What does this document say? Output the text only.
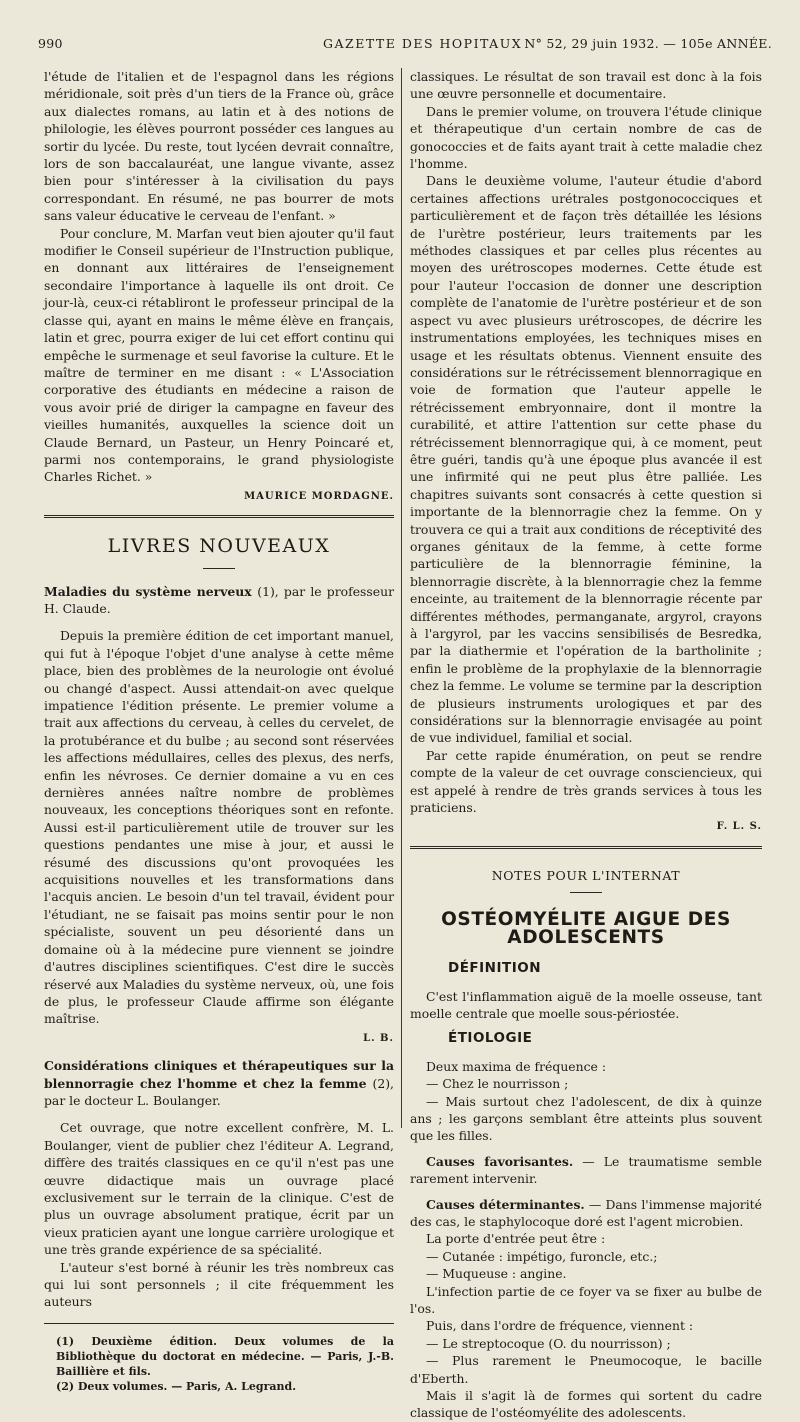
990	GAZETTE DES HOPITAUX N° 52, 29 juin 1932. — 105e ANNÉE.

l'étude de l'italien et de l'espagnol dans les régions méridionale, soit près d'un tiers de la France où, grâce aux dialectes romans, au latin et à des notions de philologie, les élèves pourront posséder ces langues au sortir du lycée. Du reste, tout lycéen devrait connaître, lors de son baccalauréat, une langue vivante, assez bien pour s'intéresser à la civilisation du pays correspondant. En résumé, ne pas bourrer de mots sans valeur éducative le cerveau de l'enfant. »

Pour conclure, M. Marfan veut bien ajouter qu'il faut modifier le Conseil supérieur de l'Instruction publique, en donnant aux littéraires de l'enseignement secondaire l'importance à laquelle ils ont droit. Ce jour-là, ceux-ci rétabliront le professeur principal de la classe qui, ayant en mains le même élève en français, latin et grec, pourra exiger de lui cet effort continu qui empêche le surmenage et seul favorise la culture. Et le maître de terminer en me disant : « L'Association corporative des étudiants en médecine a raison de vous avoir prié de diriger la campagne en faveur des vieilles humanités, auxquelles la science doit un Claude Bernard, un Pasteur, un Henry Poincaré et, parmi nos contemporains, le grand physiologiste Charles Richet. »

MAURICE MORDAGNE.
LIVRES NOUVEAUX

Maladies du système nerveux (1), par le professeur H. Claude.

Depuis la première édition de cet important manuel, qui fut à l'époque l'objet d'une analyse à cette même place, bien des problèmes de la neurologie ont évolué ou changé d'aspect. Aussi attendait-on avec quelque impatience l'édition présente. Le premier volume a trait aux affections du cerveau, à celles du cervelet, de la protubérance et du bulbe ; au second sont réservées les affections médullaires, celles des plexus, des nerfs, enfin les névroses. Ce dernier domaine a vu en ces dernières années naître nombre de problèmes nouveaux, les conceptions théoriques sont en refonte. Aussi est-il particulièrement utile de trouver sur les questions pendantes une mise à jour, et aussi le résumé des discussions qu'ont provoquées les acquisitions nouvelles et les transformations dans l'acquis ancien. Le besoin d'un tel travail, évident pour l'étudiant, ne se faisait pas moins sentir pour le non spécialiste, souvent un peu désorienté dans un domaine où à la médecine pure viennent se joindre d'autres disciplines scientifiques. C'est dire le succès réservé aux Maladies du système nerveux, où, une fois de plus, le professeur Claude affirme son élégante maîtrise.

L. B.

Considérations cliniques et thérapeutiques sur la blennorragie chez l'homme et chez la femme (2), par le docteur L. Boulanger.

Cet ouvrage, que notre excellent confrère, M. L. Boulanger, vient de publier chez l'éditeur A. Legrand, diffère des traités classiques en ce qu'il n'est pas une œuvre didactique mais un ouvrage placé exclusivement sur le terrain de la clinique. C'est de plus un ouvrage absolument pratique, écrit par un vieux praticien ayant une longue carrière urologique et une très grande expérience de sa spécialité.

L'auteur s'est borné à réunir les très nombreux cas qui lui sont personnels ; il cite fréquemment les auteurs

(1) Deuxième édition. Deux volumes de la Bibliothèque du doctorat en médecine. — Paris, J.-B. Baillière et fils.

(2) Deux volumes. — Paris, A. Legrand.

classiques. Le résultat de son travail est donc à la fois une œuvre personnelle et documentaire.

Dans le premier volume, on trouvera l'étude clinique et thérapeutique d'un certain nombre de cas de gonococcies et de faits ayant trait à cette maladie chez l'homme.

Dans le deuxième volume, l'auteur étudie d'abord certaines affections urétrales postgonococciques et particulièrement et de façon très détaillée les lésions de l'urètre postérieur, leurs traitements par les méthodes classiques et par celles plus récentes au moyen des urétroscopes modernes. Cette étude est pour l'auteur l'occasion de donner une description complète de l'anatomie de l'urètre postérieur et de son aspect vu avec plusieurs urétroscopes, de décrire les instrumentations employées, les techniques mises en usage et les résultats obtenus. Viennent ensuite des considérations sur le rétrécissement blennorragique en voie de formation que l'auteur appelle le rétrécissement embryonnaire, dont il montre la curabilité, et attire l'attention sur cette phase du rétrécissement blennorragique qui, à ce moment, peut être guéri, tandis qu'à une époque plus avancée il est une infirmité qui ne peut plus être palliée. Les chapitres suivants sont consacrés à cette question si importante de la blennorragie chez la femme. On y trouvera ce qui a trait aux conditions de réceptivité des organes génitaux de la femme, à cette forme particulière de la blennorragie féminine, la blennorragie discrète, à la blennorragie chez la femme enceinte, au traitement de la blennorragie récente par différentes méthodes, permanganate, argyrol, crayons à l'argyrol, par les vaccins sensibilisés de Besredka, par la diathermie et l'opération de la bartholinite ; enfin le problème de la prophylaxie de la blennorragie chez la femme. Le volume se termine par la description de plusieurs instruments urologiques et par des considérations sur la blennorragie envisagée au point de vue individuel, familial et social.

Par cette rapide énumération, on peut se rendre compte de la valeur de cet ouvrage consciencieux, qui est appelé à rendre de très grands services à tous les praticiens.

F. L. S.
NOTES POUR L'INTERNAT
OSTÉOMYÉLITE AIGUE DES ADOLESCENTS
DÉFINITION

C'est l'inflammation aiguë de la moelle osseuse, tant moelle centrale que moelle sous-périostée.

ÉTIOLOGIE

Deux maxima de fréquence :

— Chez le nourrisson ;

— Mais surtout chez l'adolescent, de dix à quinze ans ; les garçons semblant être atteints plus souvent que les filles.

Causes favorisantes. — Le traumatisme semble rarement intervenir.

Causes déterminantes. — Dans l'immense majorité des cas, le staphylocoque doré est l'agent microbien.

La porte d'entrée peut être :

— Cutanée : impétigo, furoncle, etc.;

— Muqueuse : angine.

L'infection partie de ce foyer va se fixer au bulbe de l'os.

Puis, dans l'ordre de fréquence, viennent :

— Le streptocoque (O. du nourrisson) ;

— Plus rarement le Pneumocoque, le bacille d'Eberth.

Mais il s'agit là de formes qui sortent du cadre classique de l'ostéomyélite des adolescents.
